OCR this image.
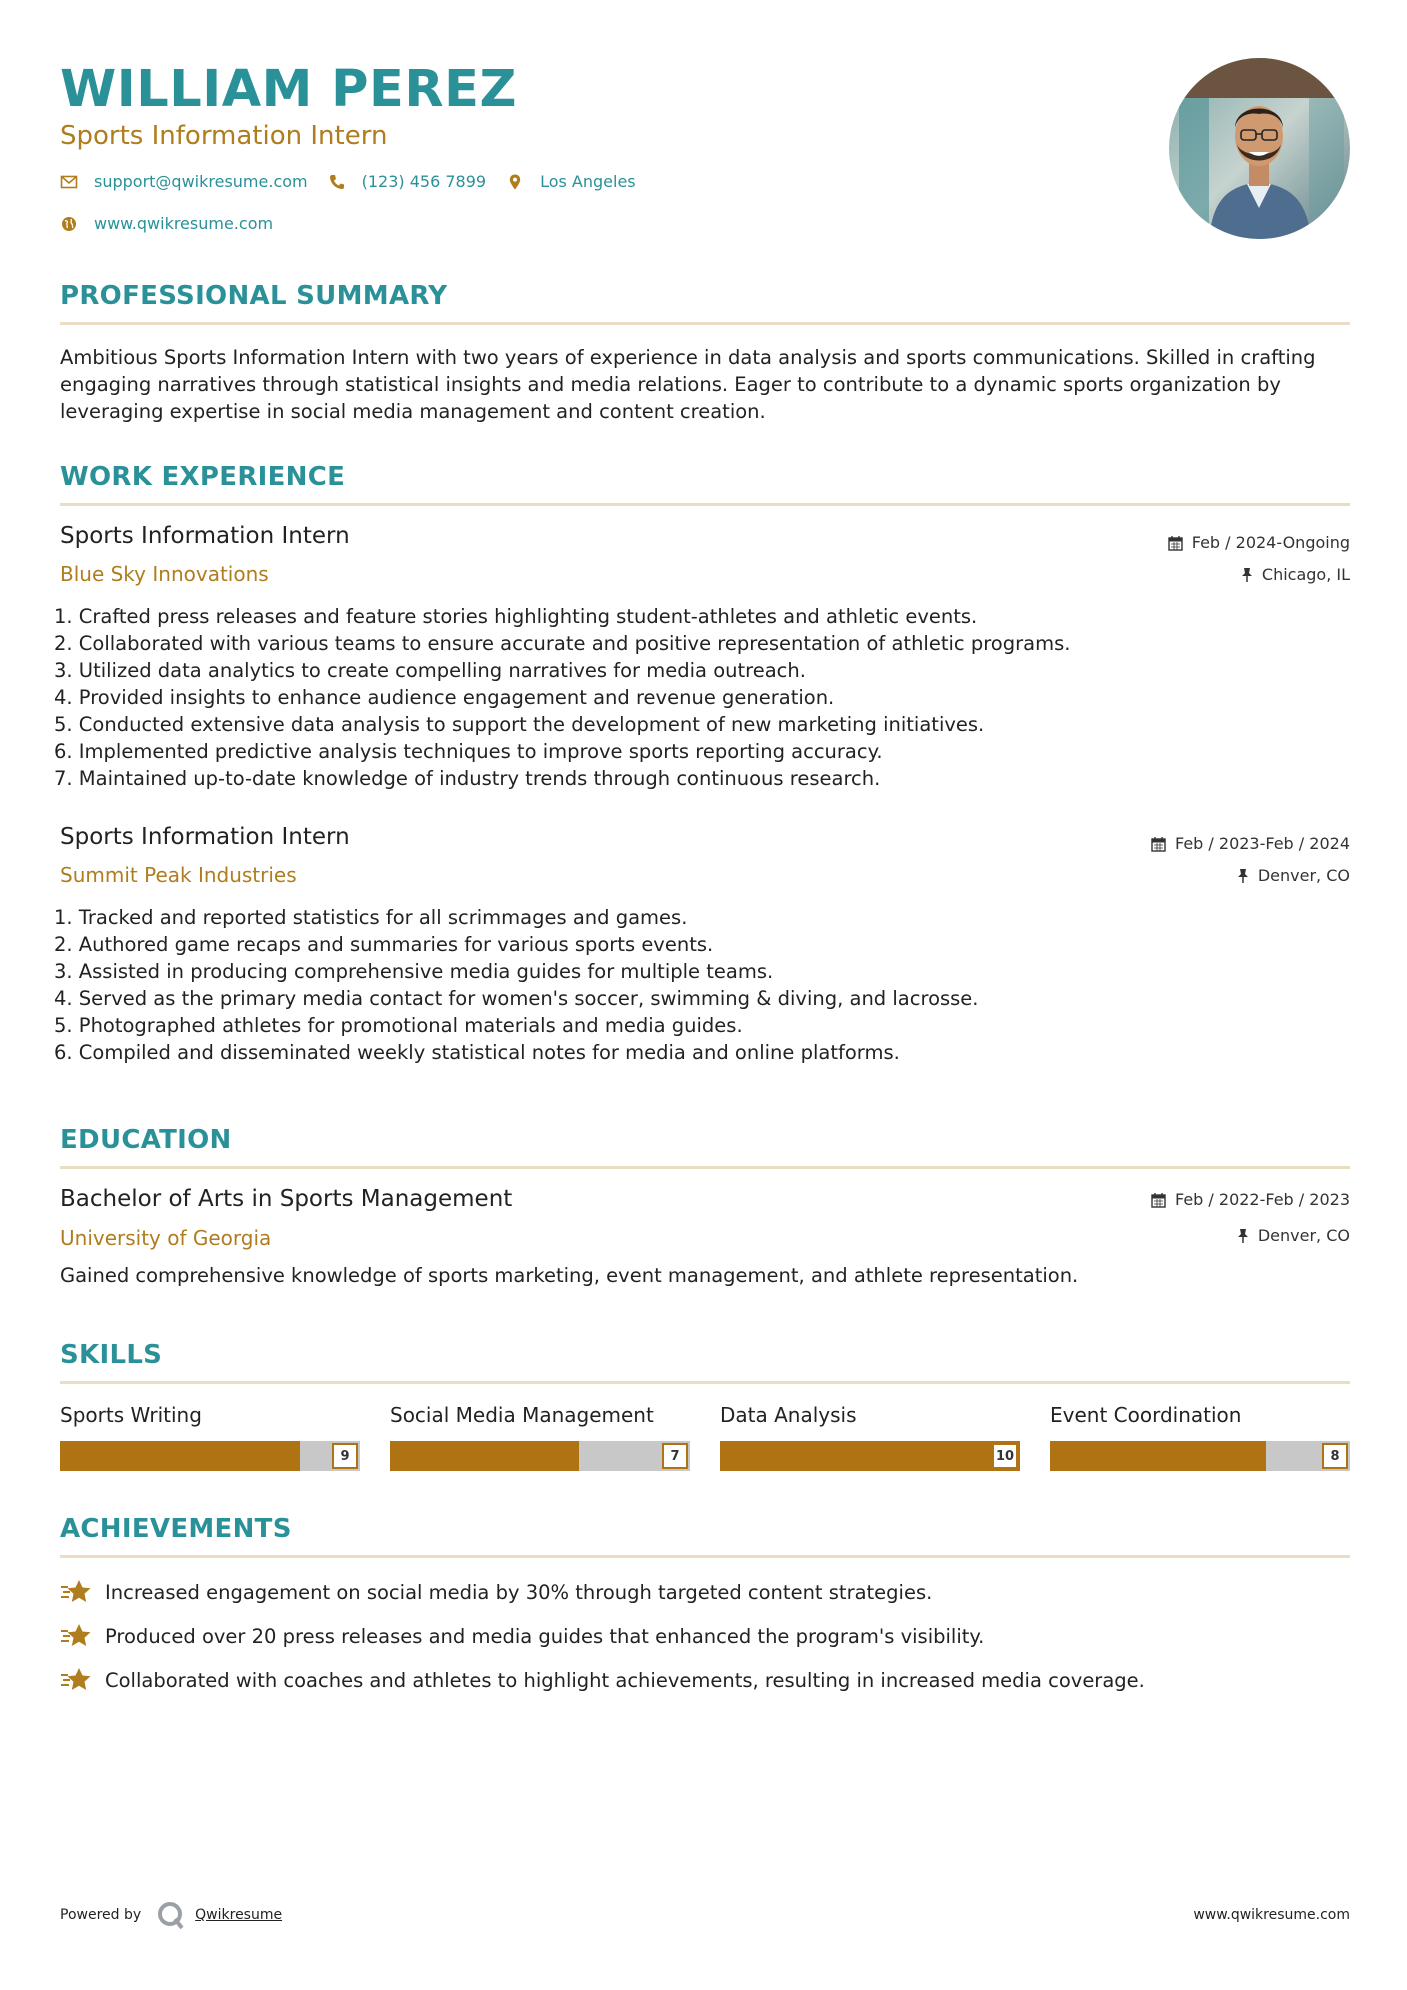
WILLIAM PEREZ
Sports Information Intern
support@qwikresume.com	(123) 456 7899	Los Angeles
www.qwikresume.com
PROFESSIONAL SUMMARY
Ambitious Sports Information Intern with two years of experience in data analysis and sports communications. Skilled in crafting engaging narratives through statistical insights and media relations. Eager to contribute to a dynamic sports organization by leveraging expertise in social media management and content creation.
WORK EXPERIENCE
Sports Information Intern
Blue Sky Innovations
Feb / 2024-Ongoing
Chicago, IL
1. Crafted press releases and feature stories highlighting student-athletes and athletic events.
2. Collaborated with various teams to ensure accurate and positive representation of athletic programs.
3. Utilized data analytics to create compelling narratives for media outreach.
4. Provided insights to enhance audience engagement and revenue generation.
5. Conducted extensive data analysis to support the development of new marketing initiatives.
6. Implemented predictive analysis techniques to improve sports reporting accuracy.
7. Maintained up-to-date knowledge of industry trends through continuous research.
Sports Information Intern
Summit Peak Industries
Feb / 2023-Feb / 2024
Denver, CO
1. Tracked and reported statistics for all scrimmages and games.
2. Authored game recaps and summaries for various sports events.
3. Assisted in producing comprehensive media guides for multiple teams.
4. Served as the primary media contact for women's soccer, swimming & diving, and lacrosse.
5. Photographed athletes for promotional materials and media guides.
6. Compiled and disseminated weekly statistical notes for media and online platforms.
EDUCATION
Bachelor of Arts in Sports Management
University of Georgia
Feb / 2022-Feb / 2023
Denver, CO
Gained comprehensive knowledge of sports marketing, event management, and athlete representation.
SKILLS
Sports Writing
9
Social Media Management
7
Data Analysis
10
Event Coordination
8
ACHIEVEMENTS
Increased engagement on social media by 30% through targeted content strategies.
Produced over 20 press releases and media guides that enhanced the program's visibility.
Collaborated with coaches and athletes to highlight achievements, resulting in increased media coverage.
Powered by	Qwikresume	www.qwikresume.com
